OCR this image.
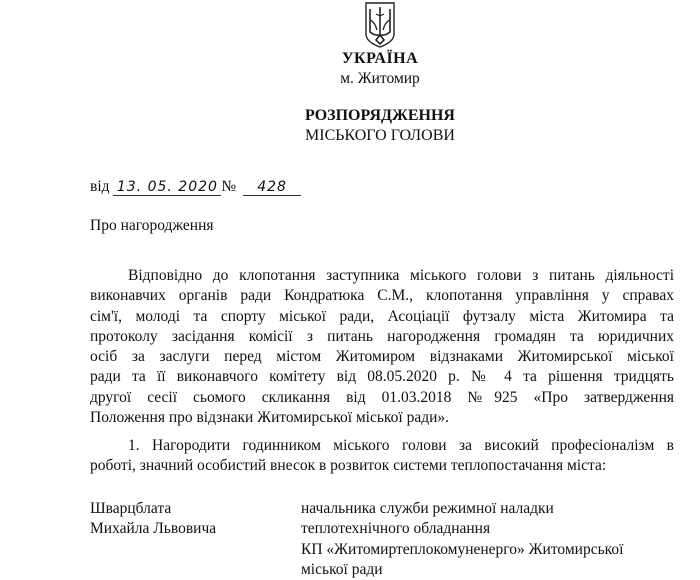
УКРАЇНА
м. Житомир
РОЗПОРЯДЖЕННЯ
МІСЬКОГО ГОЛОВИ
від 13. 05. 2020 № 428
Про нагородження
Відповідно до клопотання заступника міського голови з питань діяльності
виконавчих органів ради Кондратюка С.М., клопотання управління у справах
сім'ї, молоді та спорту міської ради, Асоціації футзалу міста Житомира та
протоколу засідання комісії з питань нагородження громадян та юридичних
осіб за заслуги перед містом Житомиром відзнаками Житомирської міської
ради та її виконавчого комітету від 08.05.2020 р. № 4 та рішення тридцять
другої сесії сьомого скликання від 01.03.2018 №925 «Про затвердження
Положення про відзнаки Житомирської міської ради».
1. Нагородити годинником міського голови за високий професіоналізм в
роботі, значний особистий внесок в розвиток системи теплопостачання міста:
Шварцблата
Михайла Львовича
начальника служби режимної наладки
теплотехнічного обладнання
КП «Житомиртеплокомуненерго» Житомирської
міської ради
